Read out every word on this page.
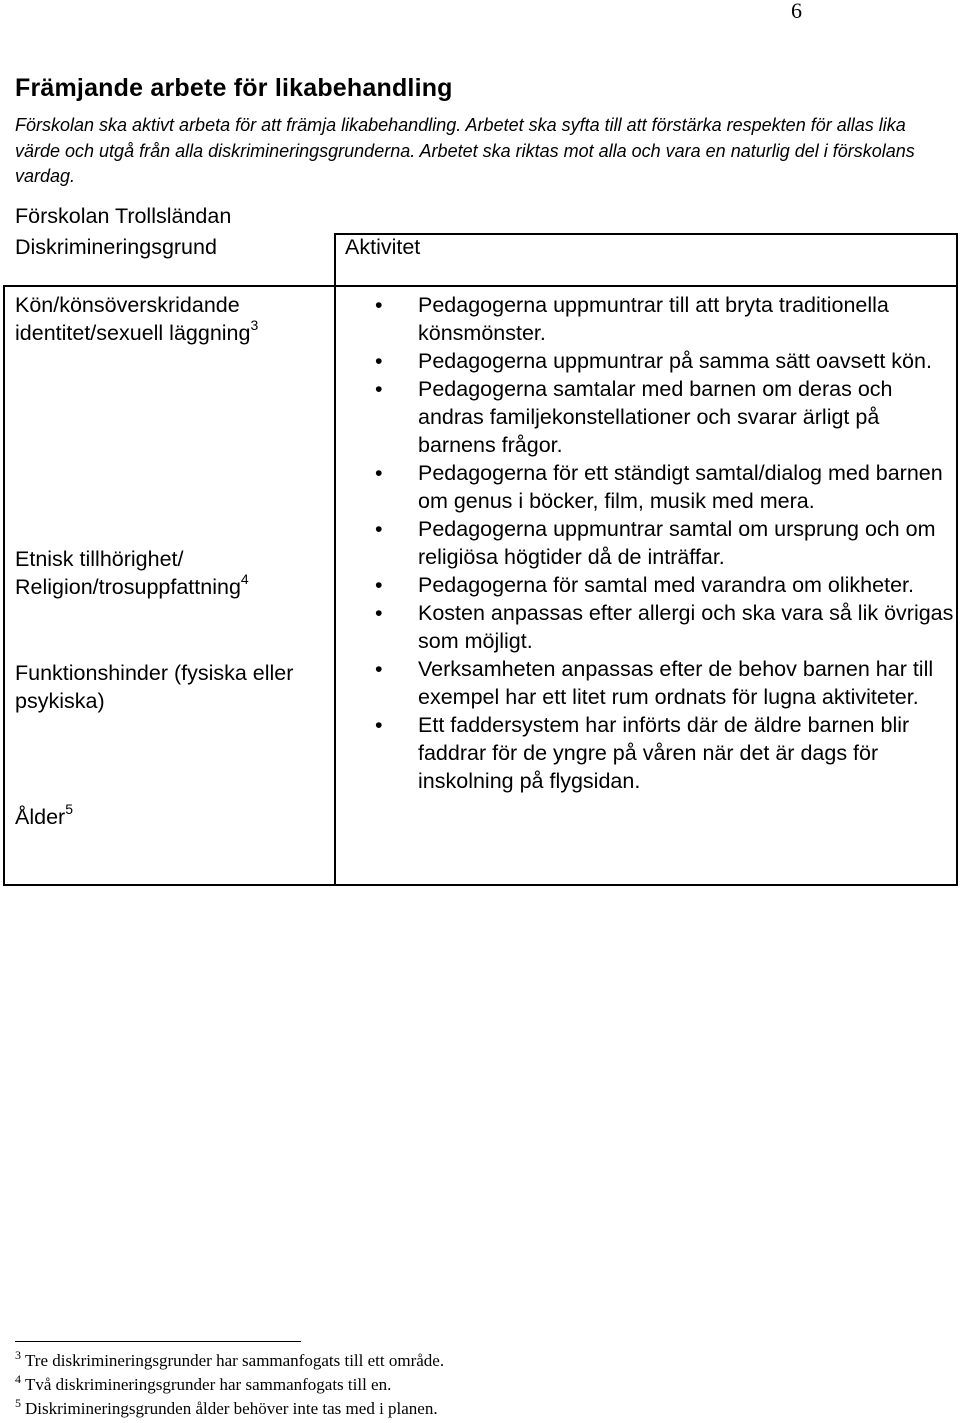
6
Främjande arbete för likabehandling

Förskolan ska aktivt arbeta för att främja likabehandling. Arbetet ska syfta till att förstärka respekten för allas lika värde och utgå från alla diskrimineringsgrunderna. Arbetet ska riktas mot alla och vara en naturlig del i förskolans vardag.

Förskolan Trollsländan
Diskrimineringsgrund	Aktivitet
Kön/könsöverskridande identitet/sexuell läggning$^3$
Etnisk tillhörighet/ Religion/trosuppfattning$^4$
Funktionshinder (fysiska eller psykiska)
Ålder$^5$
• Pedagogerna uppmuntrar till att bryta traditionella könsmönster.
• Pedagogerna uppmuntrar på samma sätt oavsett kön.
• Pedagogerna samtalar med barnen om deras och andras familjekonstellationer och svarar ärligt på barnens frågor.
• Pedagogerna för ett ständigt samtal/dialog med barnen om genus i böcker, film, musik med mera.
• Pedagogerna uppmuntrar samtal om ursprung och om religiösa högtider då de inträffar.
• Pedagogerna för samtal med varandra om olikheter.
• Kosten anpassas efter allergi och ska vara så lik övrigas som möjligt.
• Verksamheten anpassas efter de behov barnen har till exempel har ett litet rum ordnats för lugna aktiviteter.
• Ett faddersystem har införts där de äldre barnen blir faddrar för de yngre på våren när det är dags för inskolning på flygsidan.
$^3$ Tre diskrimineringsgrunder har sammanfogats till ett område.
$^4$ Två diskrimineringsgrunder har sammanfogats till en.
$^5$ Diskrimineringsgrunden ålder behöver inte tas med i planen.
